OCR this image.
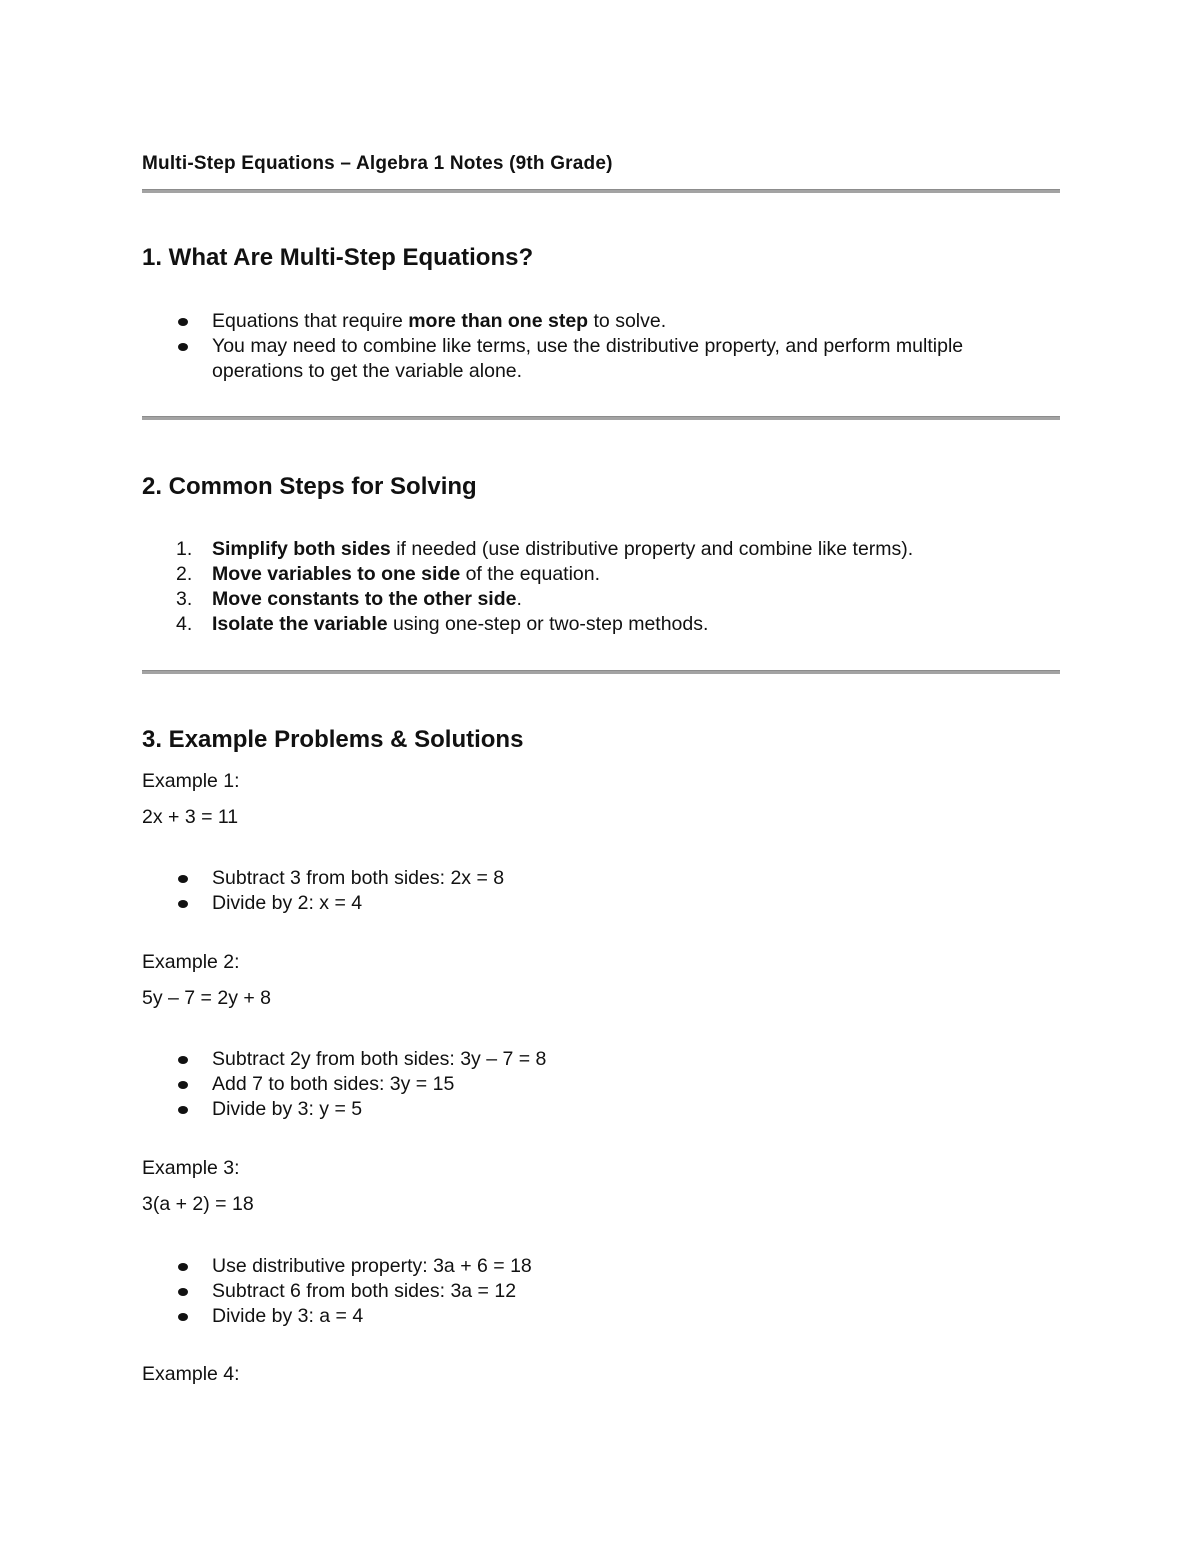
Multi-Step Equations – Algebra 1 Notes (9th Grade)
1. What Are Multi-Step Equations?
Equations that require more than one step to solve.
You may need to combine like terms, use the distributive property, and perform multiple
operations to get the variable alone.
2. Common Steps for Solving
1. Simplify both sides if needed (use distributive property and combine like terms).
2. Move variables to one side of the equation.
3. Move constants to the other side.
4. Isolate the variable using one-step or two-step methods.
3. Example Problems & Solutions
Example 1:
2x + 3 = 11
Subtract 3 from both sides: 2x = 8
Divide by 2: x = 4
Example 2:
5y – 7 = 2y + 8
Subtract 2y from both sides: 3y – 7 = 8
Add 7 to both sides: 3y = 15
Divide by 3: y = 5
Example 3:
3(a + 2) = 18
Use distributive property: 3a + 6 = 18
Subtract 6 from both sides: 3a = 12
Divide by 3: a = 4
Example 4:
